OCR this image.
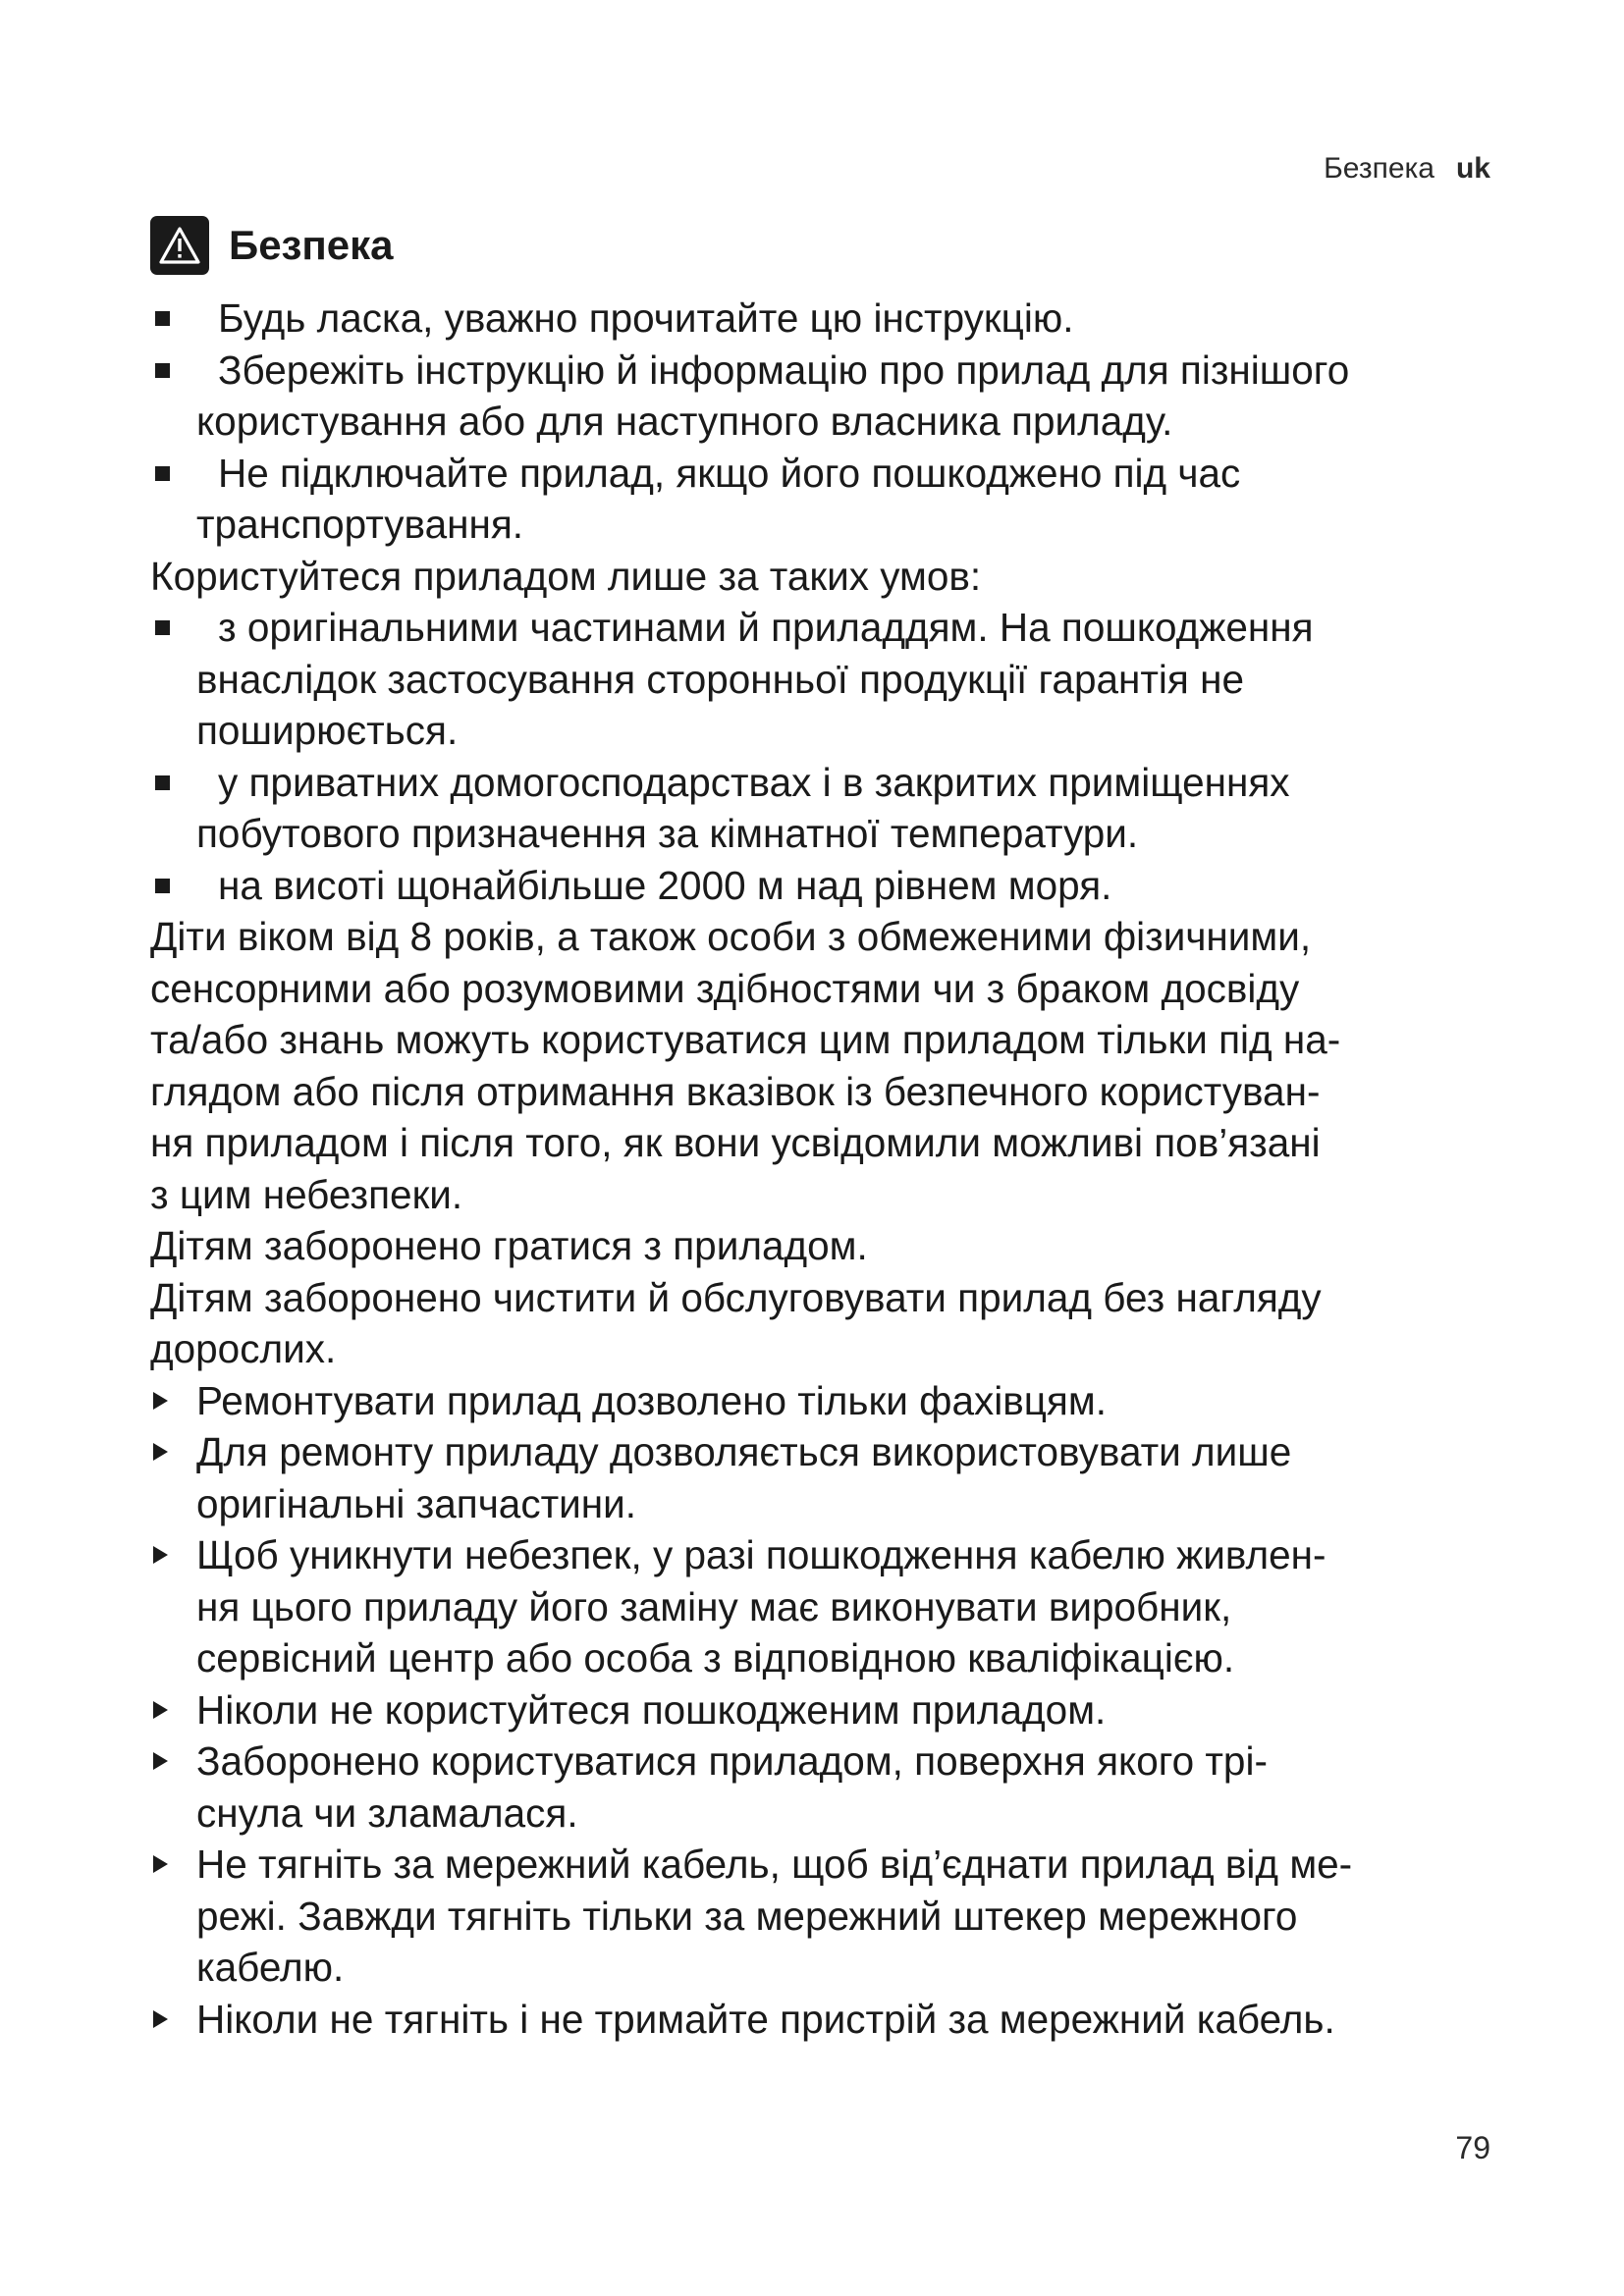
Безпека uk
Безпека
Будь ласка, уважно прочитайте цю інструкцію.
Збережіть інструкцію й інформацію про прилад для пізнішого
користування або для наступного власника приладу.
Не підключайте прилад, якщо його пошкоджено під час
транспортування.
Користуйтеся приладом лише за таких умов:
з оригінальними частинами й приладдям. На пошкодження
внаслідок застосування сторонньої продукції гарантія не
поширюється.
у приватних домогосподарствах і в закритих приміщеннях
побутового призначення за кімнатної температури.
на висоті щонайбільше 2000 м над рівнем моря.
Діти віком від 8 років, а також особи з обмеженими фізичними,
сенсорними або розумовими здібностями чи з браком досвіду
та/або знань можуть користуватися цим приладом тільки під на-
глядом або після отримання вказівок із безпечного користуван-
ня приладом і після того, як вони усвідомили можливі пов’язані
з цим небезпеки.
Дітям заборонено гратися з приладом.
Дітям заборонено чистити й обслуговувати прилад без нагляду
дорослих.
Ремонтувати прилад дозволено тільки фахівцям.
Для ремонту приладу дозволяється використовувати лише
оригінальні запчастини.
Щоб уникнути небезпек, у разі пошкодження кабелю живлен-
ня цього приладу його заміну має виконувати виробник,
сервісний центр або особа з відповідною кваліфікацією.
Ніколи не користуйтеся пошкодженим приладом.
Заборонено користуватися приладом, поверхня якого трі-
снула чи зламалася.
Не тягніть за мережний кабель, щоб від’єднати прилад від ме-
режі. Завжди тягніть тільки за мережний штекер мережного
кабелю.
Ніколи не тягніть і не тримайте пристрій за мережний кабель.
79
